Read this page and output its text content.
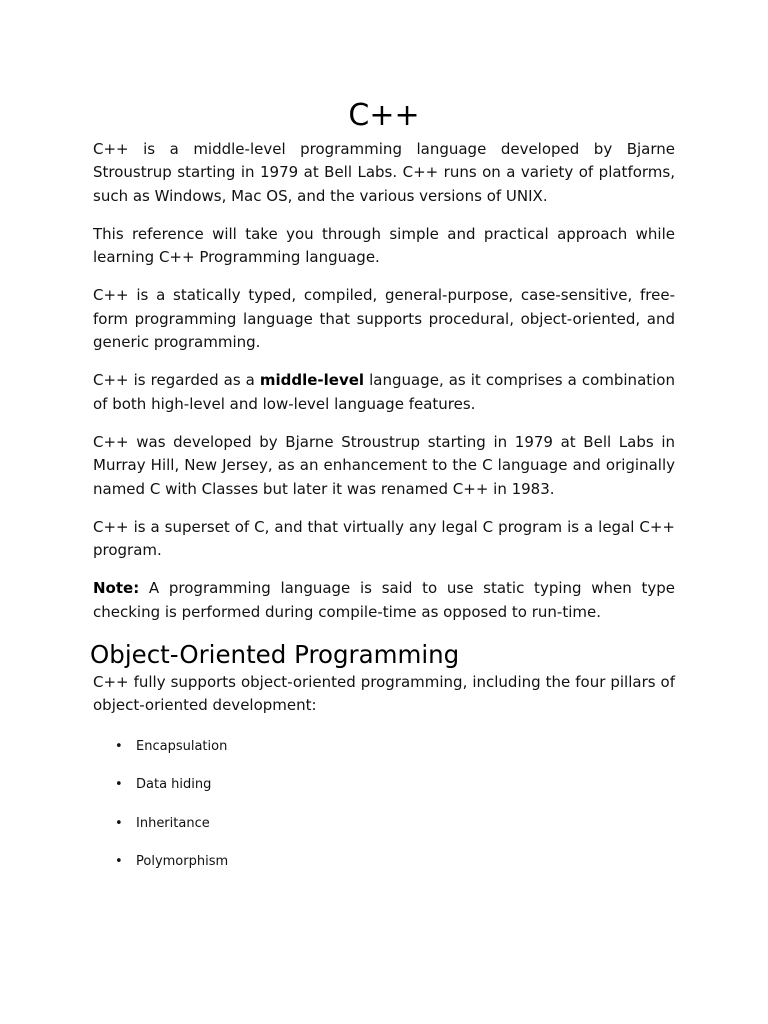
C++

C++ is a middle-level programming language developed by Bjarne Stroustrup starting in 1979 at Bell Labs. C++ runs on a variety of platforms, such as Windows, Mac OS, and the various versions of UNIX.

This reference will take you through simple and practical approach while learning C++ Programming language.

C++ is a statically typed, compiled, general-purpose, case-sensitive, free-form programming language that supports procedural, object-oriented, and generic programming.

C++ is regarded as a middle-level language, as it comprises a combination of both high-level and low-level language features.

C++ was developed by Bjarne Stroustrup starting in 1979 at Bell Labs in Murray Hill, New Jersey, as an enhancement to the C language and originally named C with Classes but later it was renamed C++ in 1983.

C++ is a superset of C, and that virtually any legal C program is a legal C++ program.

Note: A programming language is said to use static typing when type checking is performed during compile-time as opposed to run-time.

Object-Oriented Programming

C++ fully supports object-oriented programming, including the four pillars of object-oriented development:

• Encapsulation
• Data hiding
• Inheritance
• Polymorphism
